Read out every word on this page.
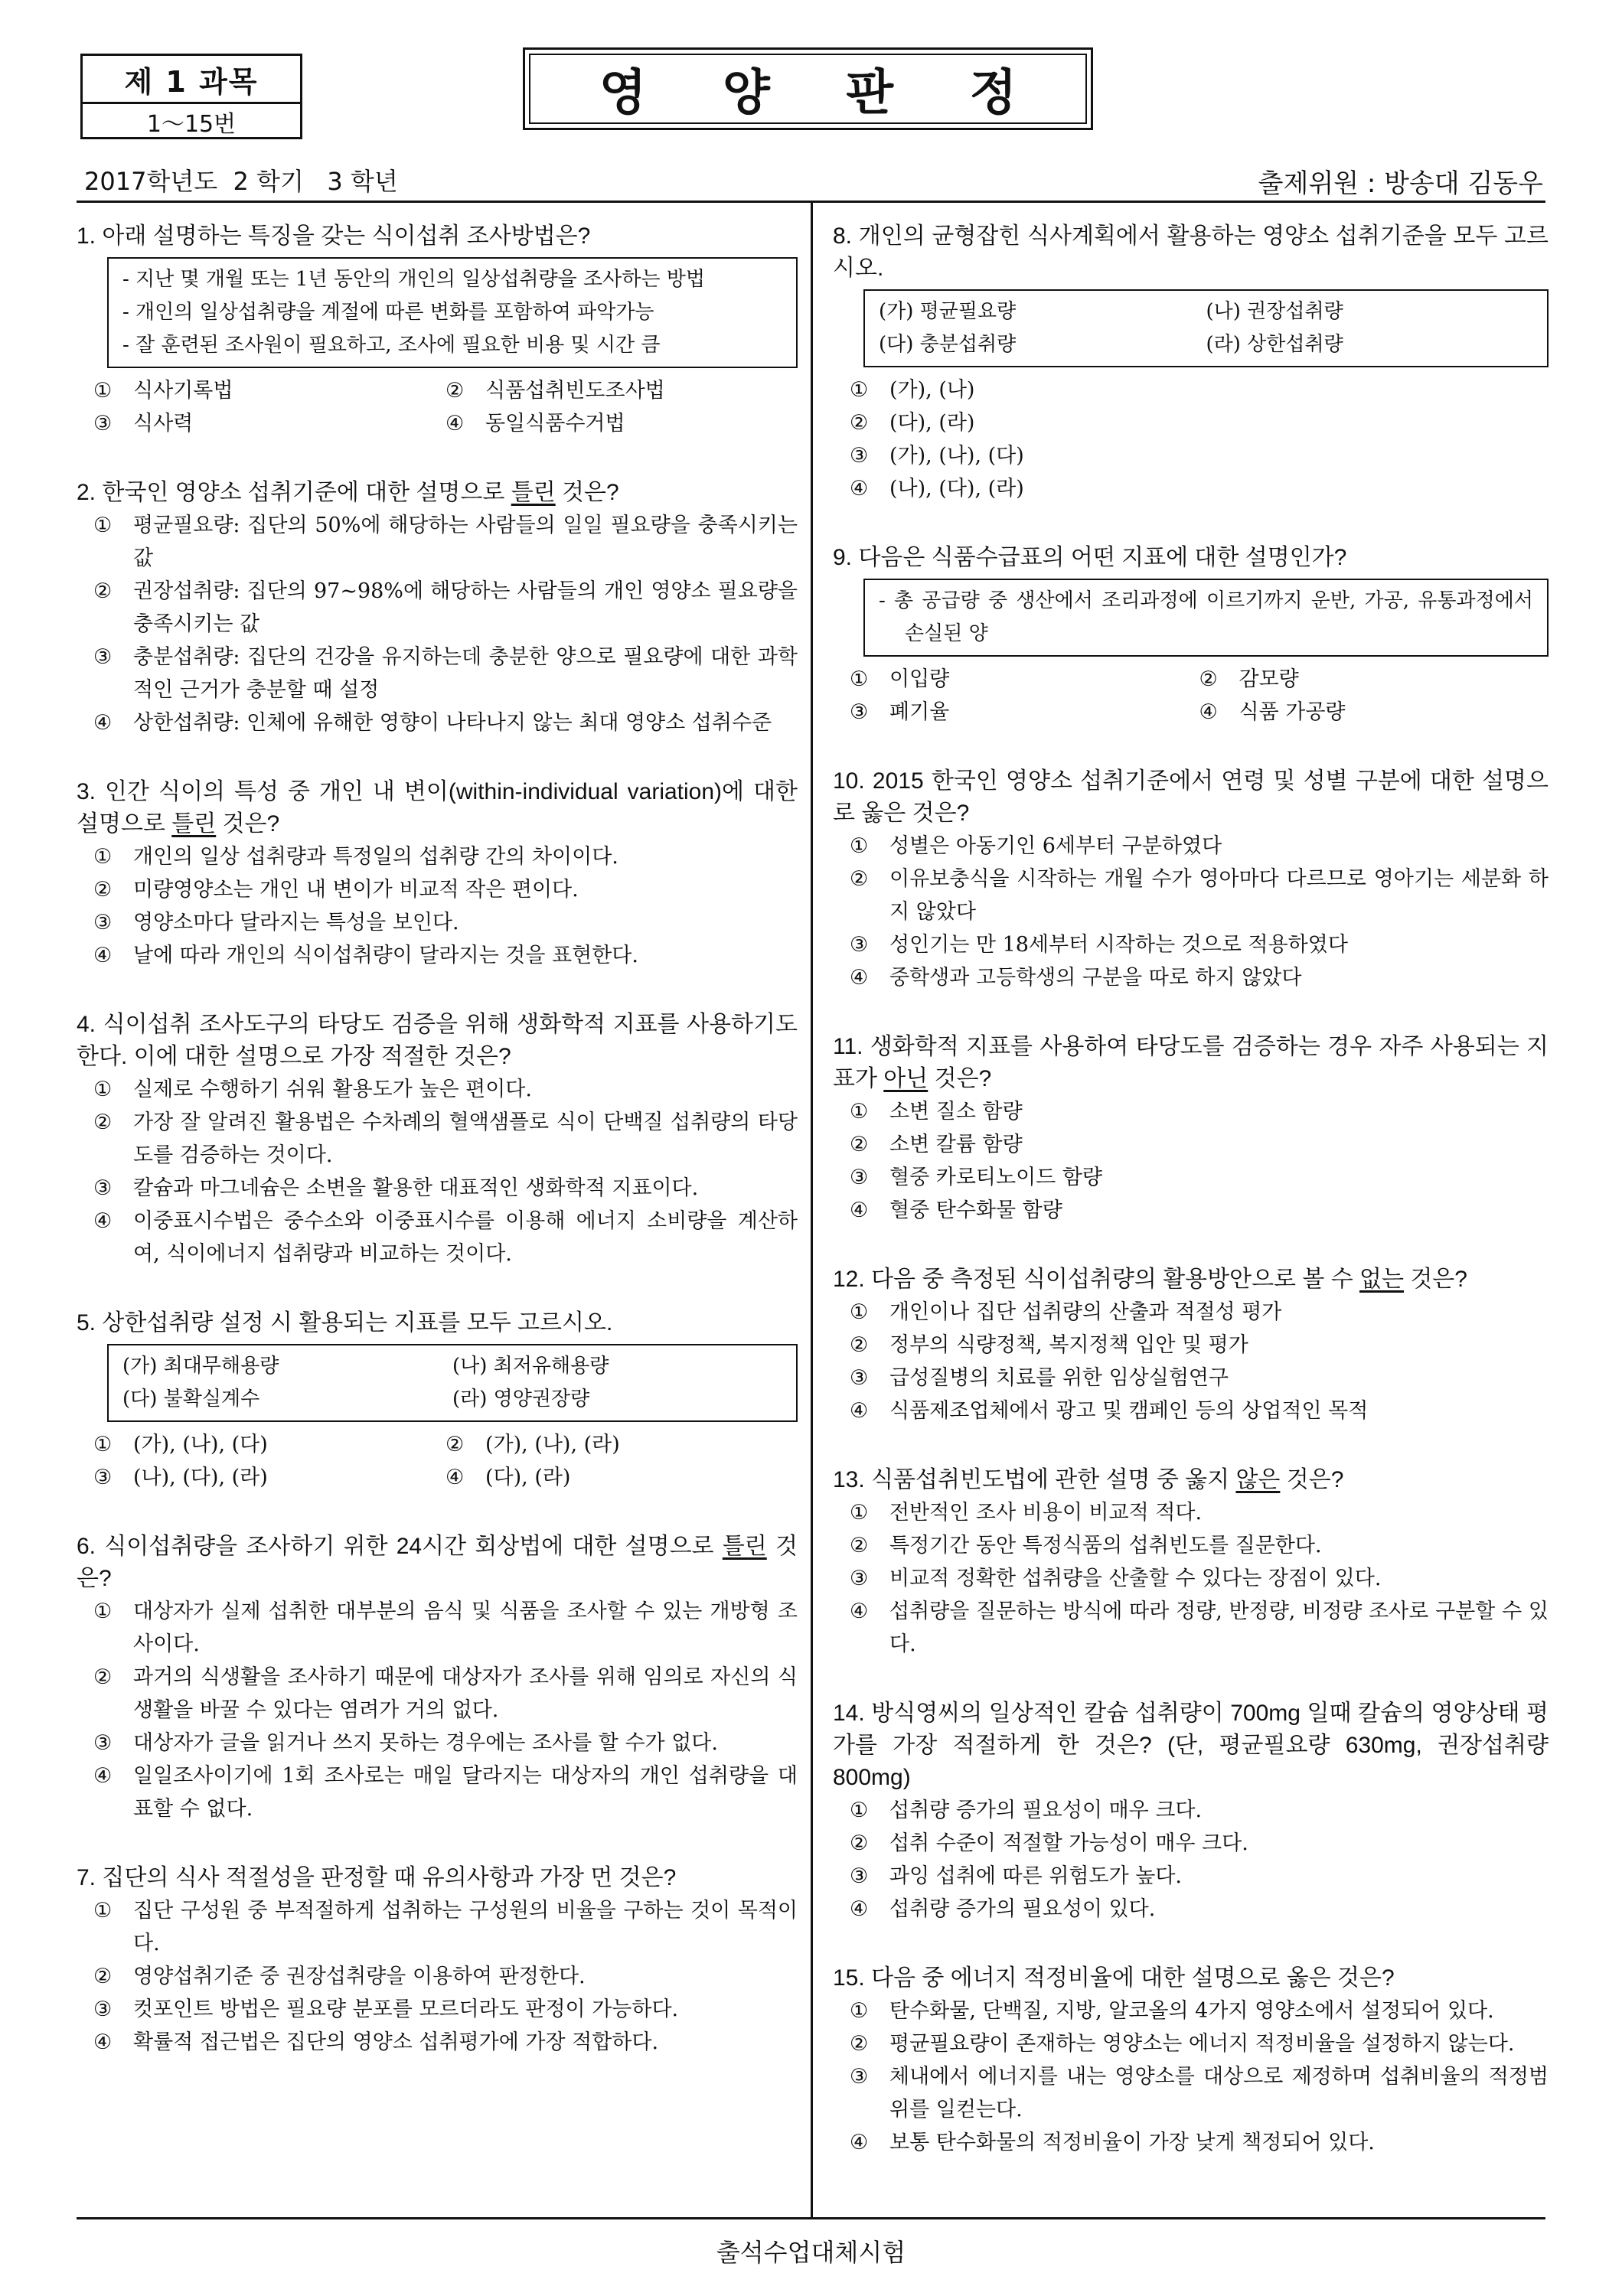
제 1 과목
1～15번
영 양 판 정
2017학년도  2 학기   3 학년	출제위원 : 방송대 김동우
출석수업대체시험
1. 아래 설명하는 특징을 갖는 식이섭취 조사방법은?
- 지난 몇 개월 또는 1년 동안의 개인의 일상섭취량을 조사하는 방법
- 개인의 일상섭취량을 계절에 따른 변화를 포함하여 파악가능
- 잘 훈련된 조사원이 필요하고, 조사에 필요한 비용 및 시간 큼
① 식사기록법	② 식품섭취빈도조사법
③ 식사력	④ 동일식품수거법
2. 한국인 영양소 섭취기준에 대한 설명으로 틀린 것은?
① 평균필요량: 집단의 50%에 해당하는 사람들의 일일 필요량을 충족시키는 값
② 권장섭취량: 집단의 97∼98%에 해당하는 사람들의 개인 영양소 필요량을 충족시키는 값
③ 충분섭취량: 집단의 건강을 유지하는데 충분한 양으로 필요량에 대한 과학적인 근거가 충분할 때 설정
④ 상한섭취량: 인체에 유해한 영향이 나타나지 않는 최대 영양소 섭취수준
3. 인간 식이의 특성 중 개인 내 변이(within-individual variation)에 대한 설명으로 틀린 것은?
① 개인의 일상 섭취량과 특정일의 섭취량 간의 차이이다.
② 미량영양소는 개인 내 변이가 비교적 작은 편이다.
③ 영양소마다 달라지는 특성을 보인다.
④ 날에 따라 개인의 식이섭취량이 달라지는 것을 표현한다.
4. 식이섭취 조사도구의 타당도 검증을 위해 생화학적 지표를 사용하기도 한다. 이에 대한 설명으로 가장 적절한 것은?
① 실제로 수행하기 쉬워 활용도가 높은 편이다.
② 가장 잘 알려진 활용법은 수차례의 혈액샘플로 식이 단백질 섭취량의 타당도를 검증하는 것이다.
③ 칼슘과 마그네슘은 소변을 활용한 대표적인 생화학적 지표이다.
④ 이중표시수법은 중수소와 이중표시수를 이용해 에너지 소비량을 계산하여, 식이에너지 섭취량과 비교하는 것이다.
5. 상한섭취량 설정 시 활용되는 지표를 모두 고르시오.
(가) 최대무해용량	(나) 최저유해용량
(다) 불확실계수	(라) 영양권장량
① (가), (나), (다)	② (가), (나), (라)
③ (나), (다), (라)	④ (다), (라)
6. 식이섭취량을 조사하기 위한 24시간 회상법에 대한 설명으로 틀린 것은?
① 대상자가 실제 섭취한 대부분의 음식 및 식품을 조사할 수 있는 개방형 조사이다.
② 과거의 식생활을 조사하기 때문에 대상자가 조사를 위해 임의로 자신의 식생활을 바꿀 수 있다는 염려가 거의 없다.
③ 대상자가 글을 읽거나 쓰지 못하는 경우에는 조사를 할 수가 없다.
④ 일일조사이기에 1회 조사로는 매일 달라지는 대상자의 개인 섭취량을 대표할 수 없다.
7. 집단의 식사 적절성을 판정할 때 유의사항과 가장 먼 것은?
① 집단 구성원 중 부적절하게 섭취하는 구성원의 비율을 구하는 것이 목적이다.
② 영양섭취기준 중 권장섭취량을 이용하여 판정한다.
③ 컷포인트 방법은 필요량 분포를 모르더라도 판정이 가능하다.
④ 확률적 접근법은 집단의 영양소 섭취평가에 가장 적합하다.
8. 개인의 균형잡힌 식사계획에서 활용하는 영양소 섭취기준을 모두 고르시오.
(가) 평균필요량	(나) 권장섭취량
(다) 충분섭취량	(라) 상한섭취량
① (가), (나)
② (다), (라)
③ (가), (나), (다)
④ (나), (다), (라)
9. 다음은 식품수급표의 어떤 지표에 대한 설명인가?
- 총 공급량 중 생산에서 조리과정에 이르기까지 운반, 가공, 유통과정에서 손실된 양
① 이입량	② 감모량
③ 폐기율	④ 식품 가공량
10. 2015 한국인 영양소 섭취기준에서 연령 및 성별 구분에 대한 설명으로 옳은 것은?
① 성별은 아동기인 6세부터 구분하였다
② 이유보충식을 시작하는 개월 수가 영아마다 다르므로 영아기는 세분화 하지 않았다
③ 성인기는 만 18세부터 시작하는 것으로 적용하였다
④ 중학생과 고등학생의 구분을 따로 하지 않았다
11. 생화학적 지표를 사용하여 타당도를 검증하는 경우 자주 사용되는 지표가 아닌 것은?
① 소변 질소 함량
② 소변 칼륨 함량
③ 혈중 카로티노이드 함량
④ 혈중 탄수화물 함량
12. 다음 중 측정된 식이섭취량의 활용방안으로 볼 수 없는 것은?
① 개인이나 집단 섭취량의 산출과 적절성 평가
② 정부의 식량정책, 복지정책 입안 및 평가
③ 급성질병의 치료를 위한 임상실험연구
④ 식품제조업체에서 광고 및 캠페인 등의 상업적인 목적
13. 식품섭취빈도법에 관한 설명 중 옳지 않은 것은?
① 전반적인 조사 비용이 비교적 적다.
② 특정기간 동안 특정식품의 섭취빈도를 질문한다.
③ 비교적 정확한 섭취량을 산출할 수 있다는 장점이 있다.
④ 섭취량을 질문하는 방식에 따라 정량, 반정량, 비정량 조사로 구분할 수 있다.
14. 방식영씨의 일상적인 칼슘 섭취량이 700mg 일때 칼슘의 영양상태 평가를 가장 적절하게 한 것은? (단, 평균필요량 630mg, 권장섭취량 800mg)
① 섭취량 증가의 필요성이 매우 크다.
② 섭취 수준이 적절할 가능성이 매우 크다.
③ 과잉 섭취에 따른 위험도가 높다.
④ 섭취량 증가의 필요성이 있다.
15. 다음 중 에너지 적정비율에 대한 설명으로 옳은 것은?
① 탄수화물, 단백질, 지방, 알코올의 4가지 영양소에서 설정되어 있다.
② 평균필요량이 존재하는 영양소는 에너지 적정비율을 설정하지 않는다.
③ 체내에서 에너지를 내는 영양소를 대상으로 제정하며 섭취비율의 적정범위를 일컫는다.
④ 보통 탄수화물의 적정비율이 가장 낮게 책정되어 있다.
